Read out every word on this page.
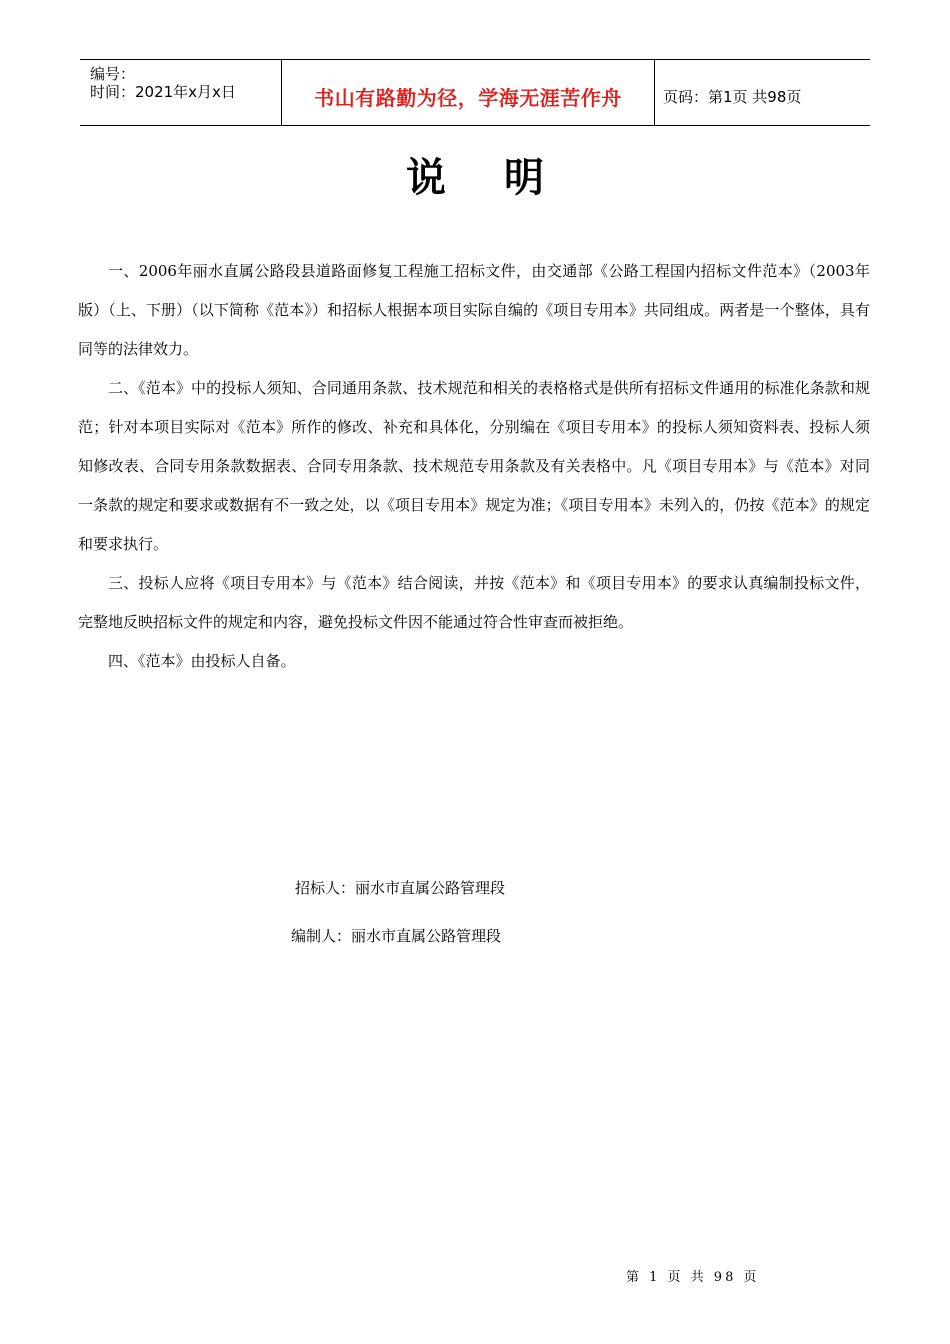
编号：
时间：2021年x月x日	书山有路勤为径，学海无涯苦作舟	页码：第1页 共98页
说明

一、2006年丽水直属公路段县道路面修复工程施工招标文件，由交通部《公路工程国内招标文件范本》（2003年版）（上、下册）（以下简称《范本》）和招标人根据本项目实际自编的《项目专用本》共同组成。两者是一个整体，具有同等的法律效力。

二、《范本》中的投标人须知、合同通用条款、技术规范和相关的表格格式是供所有招标文件通用的标准化条款和规范；针对本项目实际对《范本》所作的修改、补充和具体化，分别编在《项目专用本》的投标人须知资料表、投标人须知修改表、合同专用条款数据表、合同专用条款、技术规范专用条款及有关表格中。凡《项目专用本》与《范本》对同一条款的规定和要求或数据有不一致之处，以《项目专用本》规定为准；《项目专用本》未列入的，仍按《范本》的规定和要求执行。

三、投标人应将《项目专用本》与《范本》结合阅读，并按《范本》和《项目专用本》的要求认真编制投标文件，完整地反映招标文件的规定和内容，避免投标文件因不能通过符合性审查而被拒绝。

四、《范本》由投标人自备。

招标人：丽水市直属公路管理段
编制人：丽水市直属公路管理段
第 1 页 共 98 页
